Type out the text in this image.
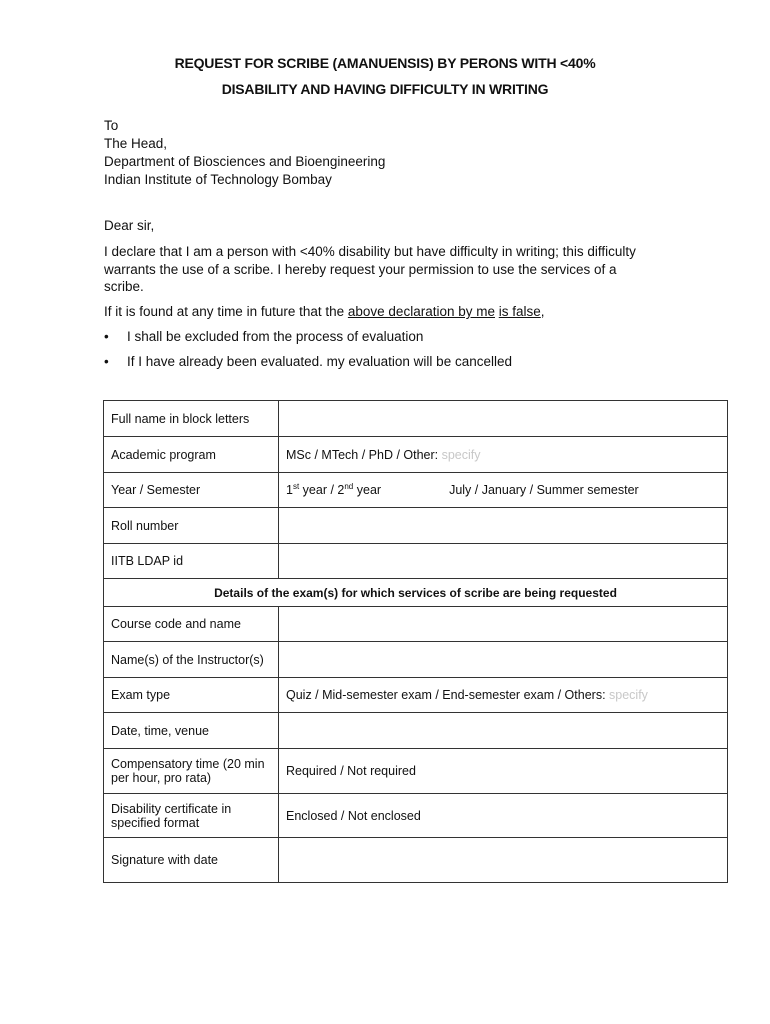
REQUEST FOR SCRIBE (AMANUENSIS) BY PERONS WITH <40%
DISABILITY AND HAVING DIFFICULTY IN WRITING
To
The Head,
Department of Biosciences and Bioengineering
Indian Institute of Technology Bombay
Dear sir,
I declare that I am a person with <40% disability but have difficulty in writing; this difficulty warrants the use of a scribe. I hereby request your permission to use the services of a scribe.
If it is found at any time in future that the above declaration by me is false,
• I shall be excluded from the process of evaluation
• If I have already been evaluated. my evaluation will be cancelled
Full name in block letters	
Academic program	MSc / MTech / PhD / Other: specify
Year / Semester	1st year / 2nd year July / January / Summer semester
Roll number	
IITB LDAP id	
Details of the exam(s) for which services of scribe are being requested	
Course code and name	
Name(s) of the Instructor(s)	
Exam type	Quiz / Mid-semester exam / End-semester exam / Others: specify
Date, time, venue	

Compensatory time (20 min
per hour, pro rata)	Required / Not required

Disability certificate in
specified format	Enclosed / Not enclosed
Signature with date	
